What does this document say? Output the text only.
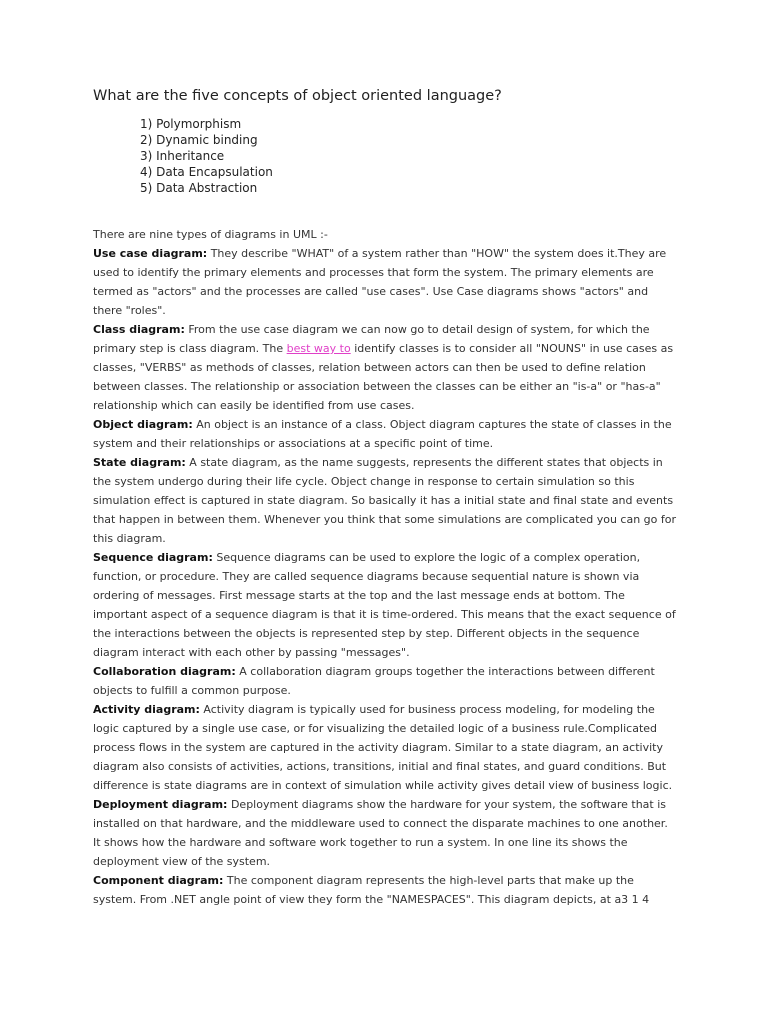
What are the five concepts of object oriented language?
1) Polymorphism
2) Dynamic binding
3) Inheritance
4) Data Encapsulation
5) Data Abstraction

There are nine types of diagrams in UML :-

Use case diagram: They describe "WHAT" of a system rather than "HOW" the system does it.They are used to identify the primary elements and processes that form the system. The primary elements are termed as "actors" and the processes are called "use cases". Use Case diagrams shows "actors" and there "roles".

Class diagram: From the use case diagram we can now go to detail design of system, for which the primary step is class diagram. The best way to identify classes is to consider all "NOUNS" in use cases as classes, "VERBS" as methods of classes, relation between actors can then be used to define relation between classes. The relationship or association between the classes can be either an "is-a" or "has-a" relationship which can easily be identified from use cases.

Object diagram: An object is an instance of a class. Object diagram captures the state of classes in the system and their relationships or associations at a specific point of time.

State diagram: A state diagram, as the name suggests, represents the different states that objects in the system undergo during their life cycle. Object change in response to certain simulation so this simulation effect is captured in state diagram. So basically it has a initial state and final state and events that happen in between them. Whenever you think that some simulations are complicated you can go for this diagram.

Sequence diagram: Sequence diagrams can be used to explore the logic of a complex operation, function, or procedure. They are called sequence diagrams because sequential nature is shown via ordering of messages. First message starts at the top and the last message ends at bottom. The important aspect of a sequence diagram is that it is time-ordered. This means that the exact sequence of the interactions between the objects is represented step by step. Different objects in the sequence diagram interact with each other by passing "messages".

Collaboration diagram: A collaboration diagram groups together the interactions between different objects to fulfill a common purpose.

Activity diagram: Activity diagram is typically used for business process modeling, for modeling the logic captured by a single use case, or for visualizing the detailed logic of a business rule.Complicated process flows in the system are captured in the activity diagram. Similar to a state diagram, an activity diagram also consists of activities, actions, transitions, initial and final states, and guard conditions. But difference is state diagrams are in context of simulation while activity gives detail view of business logic.

Deployment diagram: Deployment diagrams show the hardware for your system, the software that is installed on that hardware, and the middleware used to connect the disparate machines to one another. It shows how the hardware and software work together to run a system. In one line its shows the deployment view of the system.

Component diagram: The component diagram represents the high-level parts that make up the system. From .NET angle point of view they form the "NAMESPACES". This diagram depicts, at a3 1 4
